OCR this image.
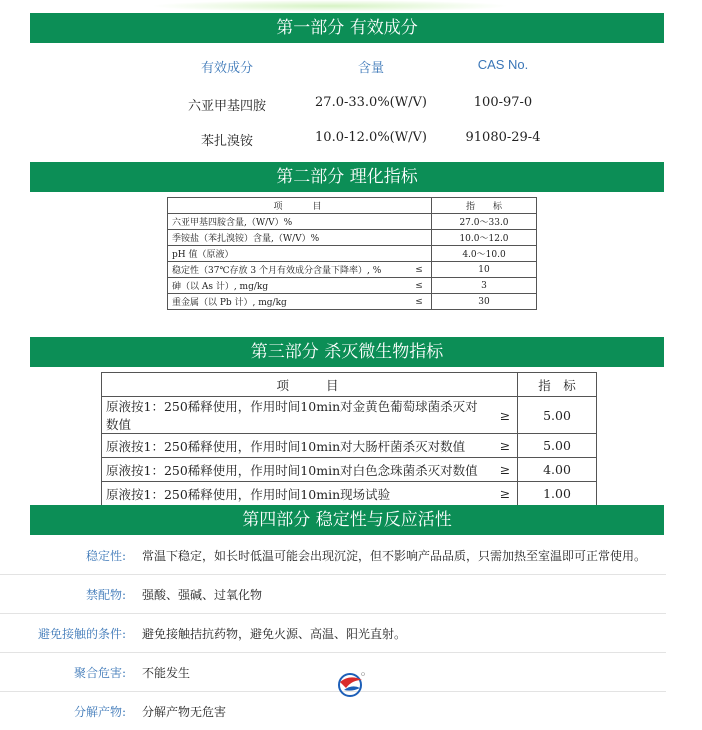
第一部分 有效成分
有效成分	含量	CAS No.
六亚甲基四胺	27.0-33.0%(W/V)	100-97-0
苯扎溴铵	10.0-12.0%(W/V)	91080-29-4
第二部分 理化指标
项　　目		指　　标
六亚甲基四胺含量,（W/V）%		27.0～33.0
季铵盐（苯扎溴铵）含量,（W/V）%		10.0～12.0
pH 值（原液）		4.0～10.0
稳定性（37℃存放 3 个月有效成分含量下降率）, %	≤	10
砷（以 As 计）, mg/kg	≤	3
重金属（以 Pb 计）, mg/kg	≤	30
第三部分 杀灭微生物指标
项　　目		指　标
原液按1：250稀释使用，作用时间10min对金黄色葡萄球菌杀灭对数值	≥	5.00
原液按1：250稀释使用，作用时间10min对大肠杆菌杀灭对数值	≥	5.00
原液按1：250稀释使用，作用时间10min对白色念珠菌杀灭对数值	≥	4.00
原液按1：250稀释使用，作用时间10min现场试验	≥	1.00
第四部分 稳定性与反应活性
稳定性: 常温下稳定，如长时低温可能会出现沉淀，但不影响产品品质，只需加热至室温即可正常使用。
禁配物: 强酸、强碱、过氧化物
避免接触的条件: 避免接触拮抗药物，避免火源、高温、阳光直射。
聚合危害: 不能发生
分解产物: 分解产物无危害
